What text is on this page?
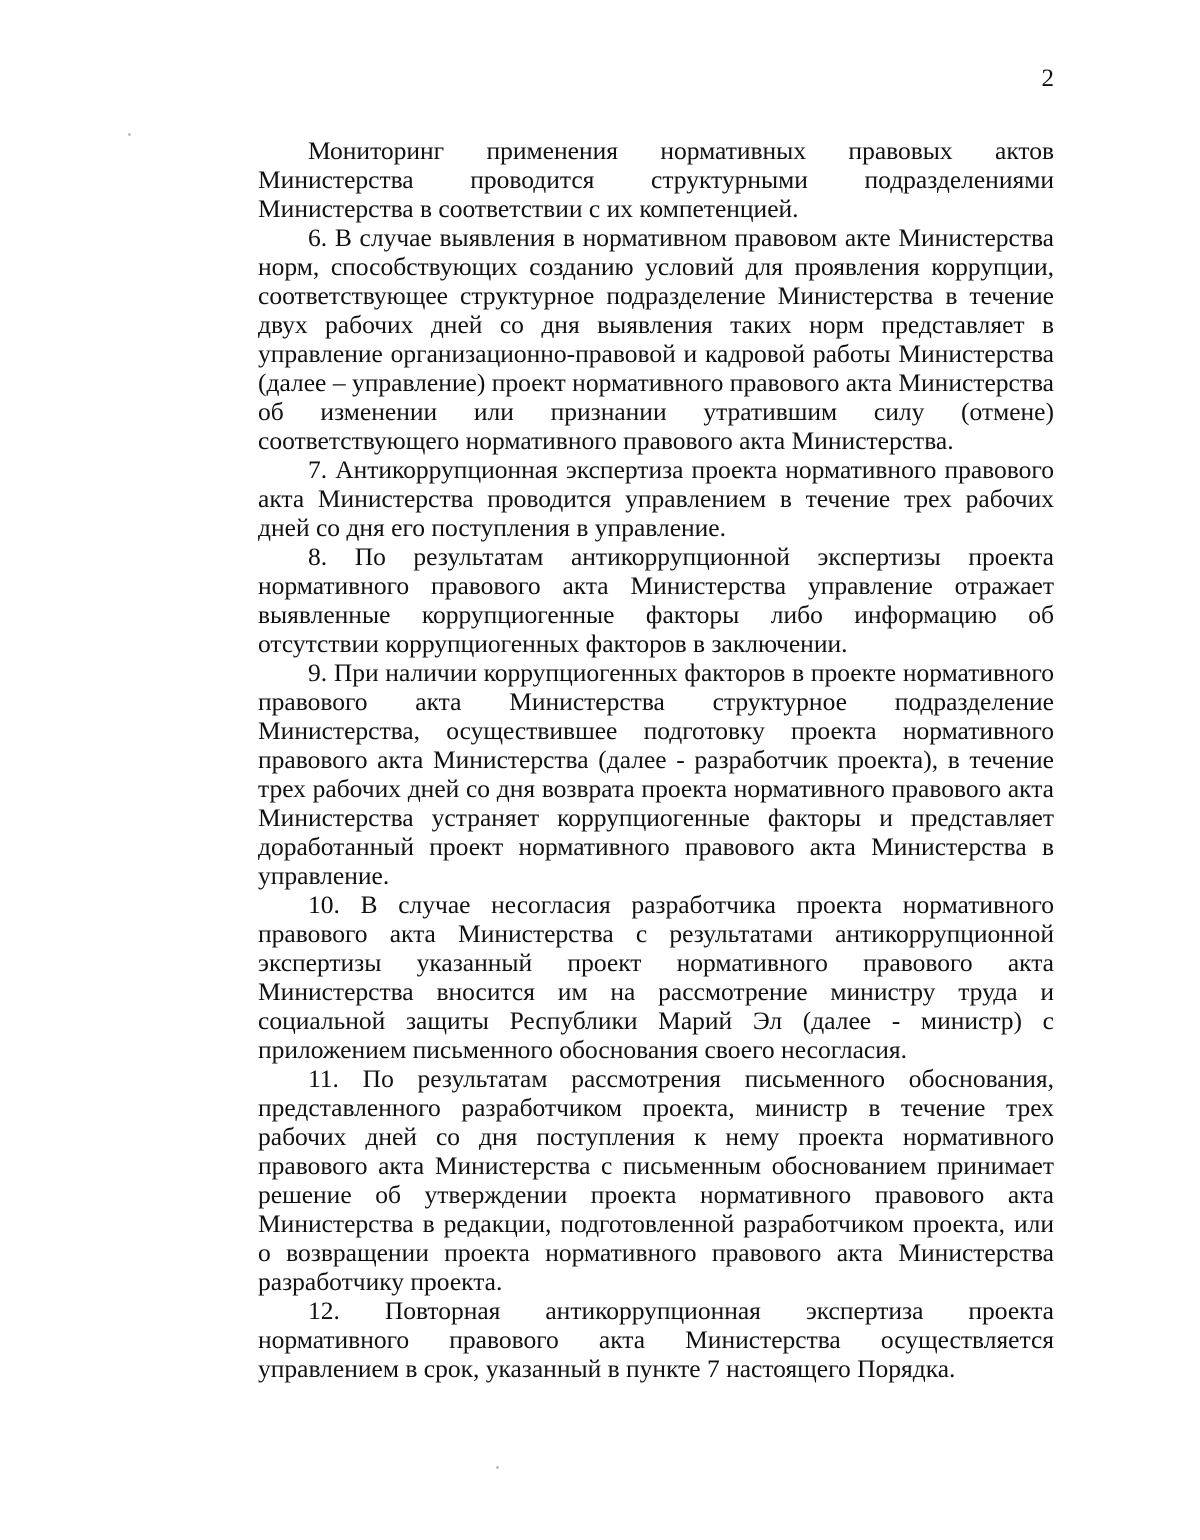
2

Мониторинг применения нормативных правовых актов Министерства проводится структурными подразделениями Министерства в соответствии с их компетенцией.

6. В случае выявления в нормативном правовом акте Министерства норм, способствующих созданию условий для проявления коррупции, соответствующее структурное подразделение Министерства в течение двух рабочих дней со дня выявления таких норм представляет в управление организационно-правовой и кадровой работы Министерства (далее – управление) проект нормативного правового акта Министерства об изменении или признании утратившим силу (отмене) соответствующего нормативного правового акта Министерства.

7. Антикоррупционная экспертиза проекта нормативного правового акта Министерства проводится управлением в течение трех рабочих дней со дня его поступления в управление.

8. По результатам антикоррупционной экспертизы проекта нормативного правового акта Министерства управление отражает выявленные коррупциогенные факторы либо информацию об отсутствии коррупциогенных факторов в заключении.

9. При наличии коррупциогенных факторов в проекте нормативного правового акта Министерства структурное подразделение Министерства, осуществившее подготовку проекта нормативного правового акта Министерства (далее - разработчик проекта), в течение трех рабочих дней со дня возврата проекта нормативного правового акта Министерства устраняет коррупциогенные факторы и представляет доработанный проект нормативного правового акта Министерства в управление.

10. В случае несогласия разработчика проекта нормативного правового акта Министерства с результатами антикоррупционной экспертизы указанный проект нормативного правового акта Министерства вносится им на рассмотрение министру труда и социальной защиты Республики Марий Эл (далее - министр) с приложением письменного обоснования своего несогласия.

11. По результатам рассмотрения письменного обоснования, представленного разработчиком проекта, министр в течение трех рабочих дней со дня поступления к нему проекта нормативного правового акта Министерства с письменным обоснованием принимает решение об утверждении проекта нормативного правового акта Министерства в редакции, подготовленной разработчиком проекта, или о возвращении проекта нормативного правового акта Министерства разработчику проекта.

12. Повторная антикоррупционная экспертиза проекта нормативного правового акта Министерства осуществляется управлением в срок, указанный в пункте 7 настоящего Порядка.
